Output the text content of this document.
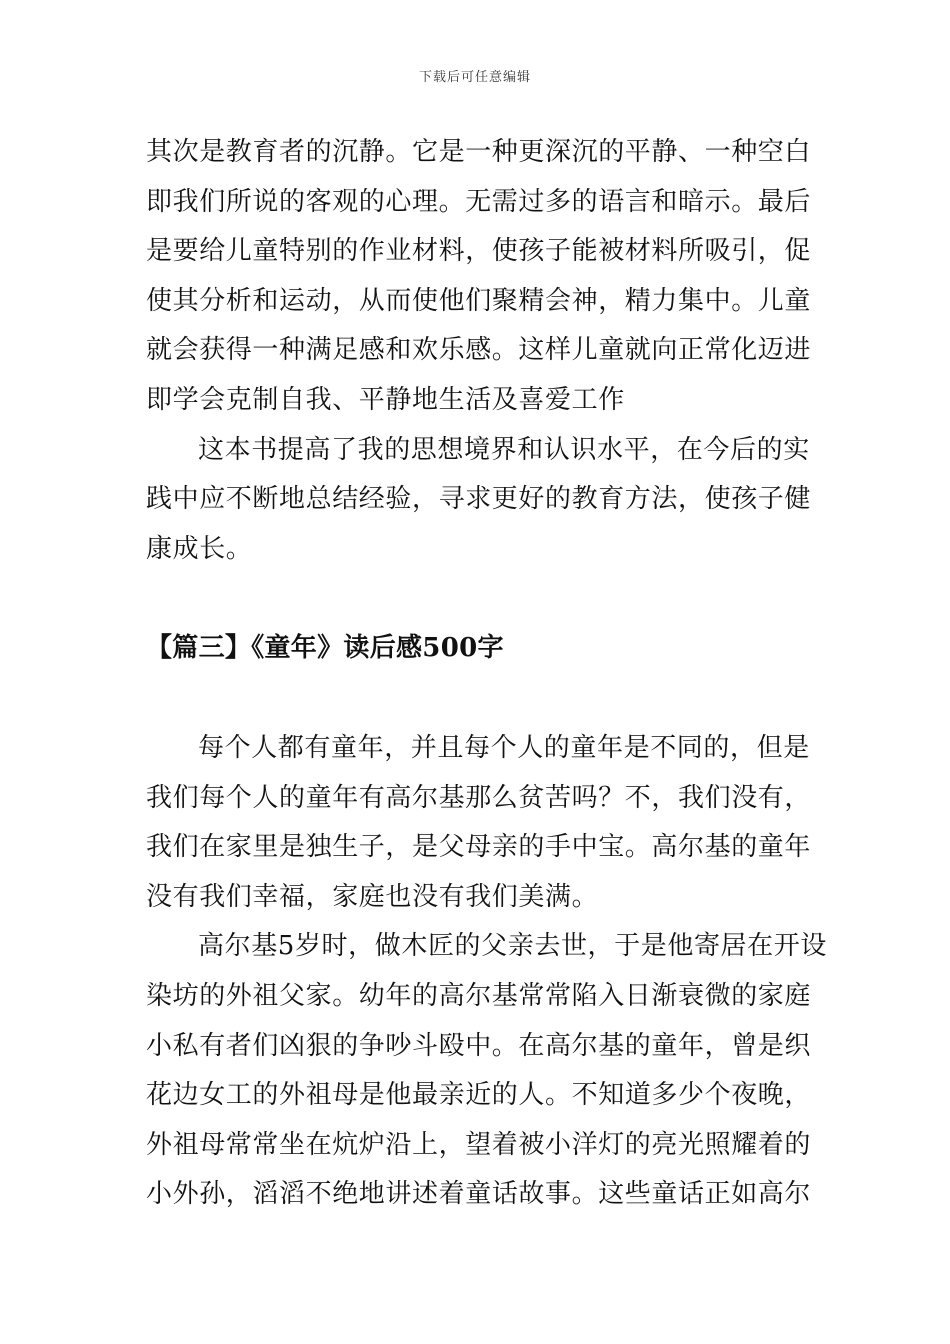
下载后可任意编辑

其次是教育者的沉静。它是一种更深沉的平静、一种空白
即我们所说的客观的心理。无需过多的语言和暗示。最后
是要给儿童特别的作业材料，使孩子能被材料所吸引，促
使其分析和运动，从而使他们聚精会神，精力集中。儿童
就会获得一种满足感和欢乐感。这样儿童就向正常化迈进
即学会克制自我、平静地生活及喜爱工作

这本书提高了我的思想境界和认识水平，在今后的实
践中应不断地总结经验，寻求更好的教育方法，使孩子健
康成长。

【篇三】《童年》读后感500字

每个人都有童年，并且每个人的童年是不同的，但是
我们每个人的童年有高尔基那么贫苦吗？不，我们没有，
我们在家里是独生子，是父母亲的手中宝。高尔基的童年
没有我们幸福，家庭也没有我们美满。

高尔基5岁时，做木匠的父亲去世，于是他寄居在开设
染坊的外祖父家。幼年的高尔基常常陷入日渐衰微的家庭
小私有者们凶狠的争吵斗殴中。在高尔基的童年，曾是织
花边女工的外祖母是他最亲近的人。不知道多少个夜晚，
外祖母常常坐在炕炉沿上，望着被小洋灯的亮光照耀着的
小外孙，滔滔不绝地讲述着童话故事。这些童话正如高尔
